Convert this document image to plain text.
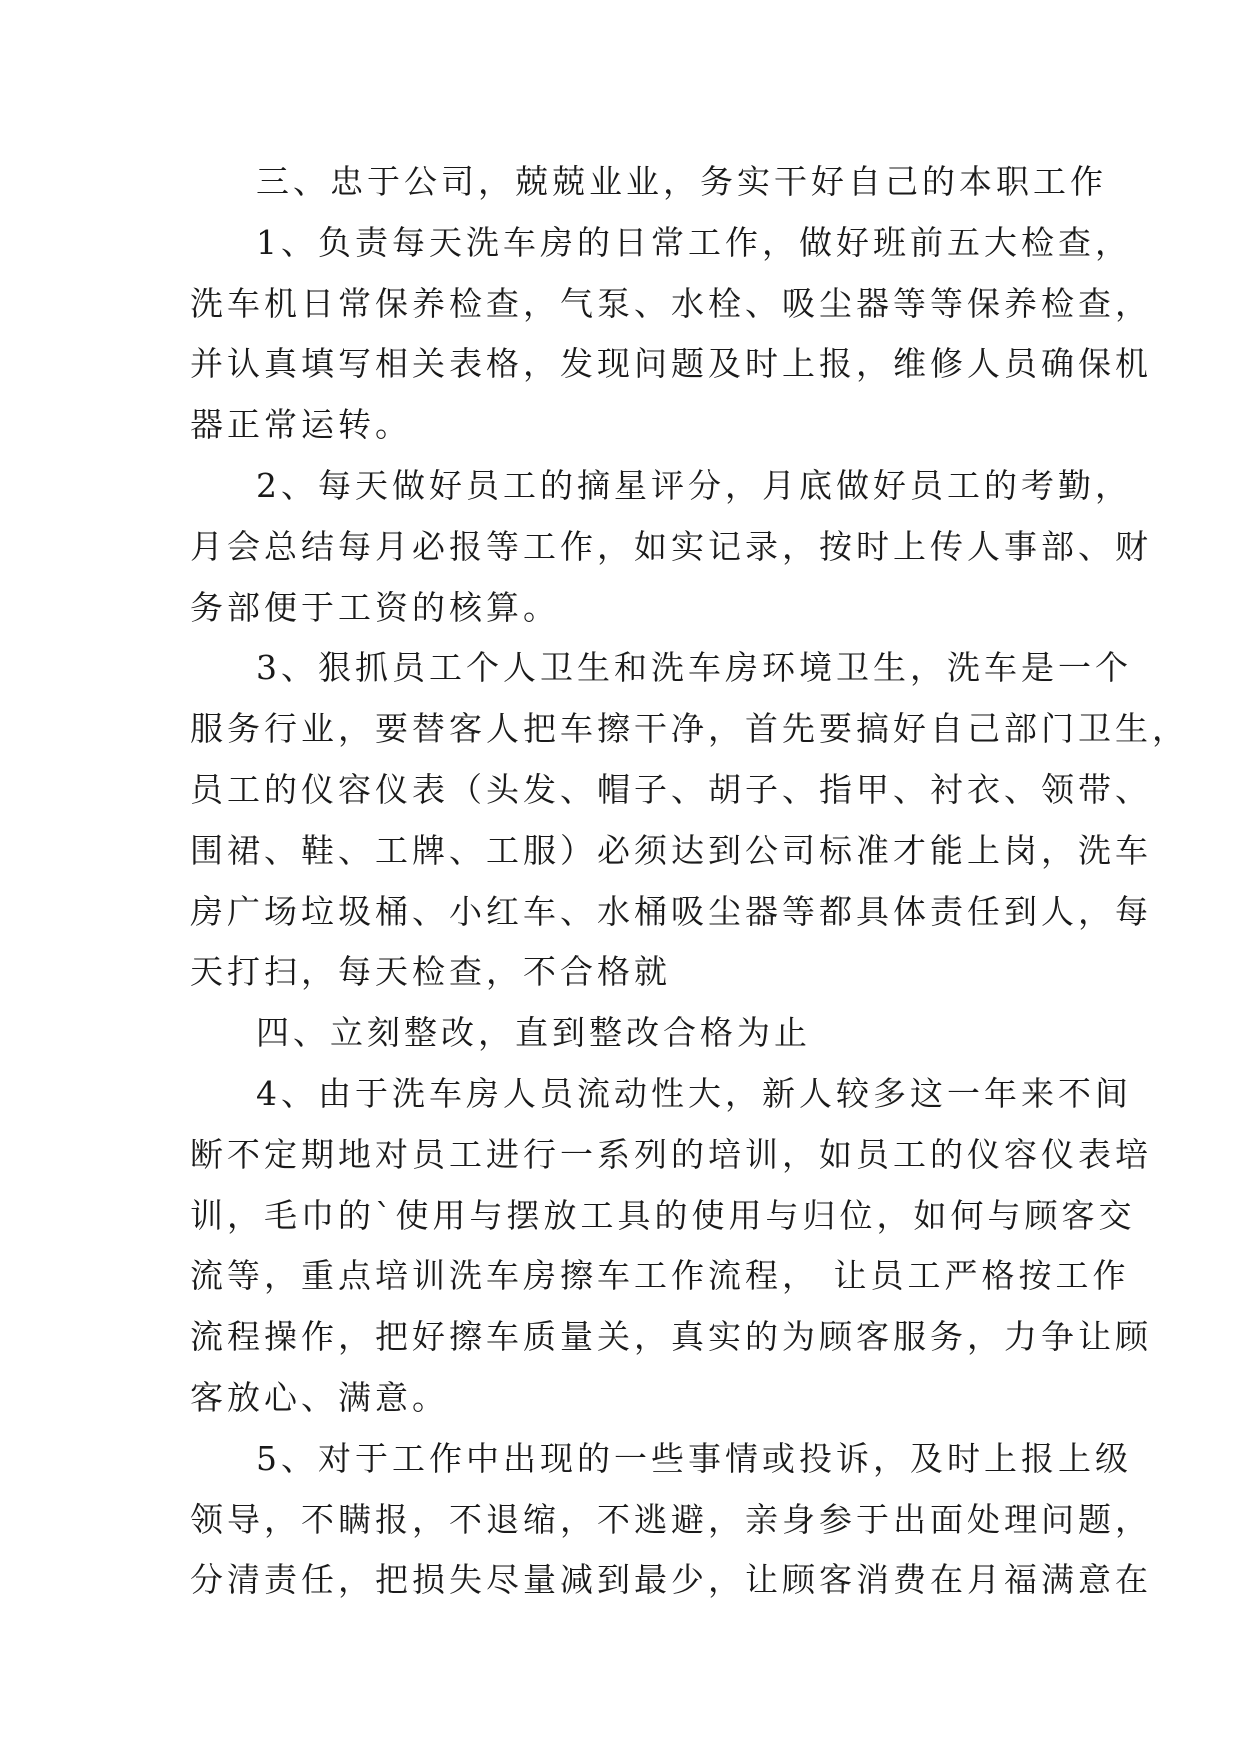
三、忠于公司，兢兢业业，务实干好自己的本职工作
1、负责每天洗车房的日常工作，做好班前五大检查，
洗车机日常保养检查，气泵、水栓、吸尘器等等保养检查，
并认真填写相关表格，发现问题及时上报，维修人员确保机
器正常运转。
2、每天做好员工的摘星评分，月底做好员工的考勤，
月会总结每月必报等工作，如实记录，按时上传人事部、财
务部便于工资的核算。
3、狠抓员工个人卫生和洗车房环境卫生，洗车是一个
服务行业，要替客人把车擦干净，首先要搞好自己部门卫生，
员工的仪容仪表（头发、帽子、胡子、指甲、衬衣、领带、
围裙、鞋、工牌、工服）必须达到公司标准才能上岗，洗车
房广场垃圾桶、小红车、水桶吸尘器等都具体责任到人，每
天打扫，每天检查，不合格就
四、立刻整改，直到整改合格为止
4、由于洗车房人员流动性大，新人较多这一年来不间
断不定期地对员工进行一系列的培训，如员工的仪容仪表培
训，毛巾的`使用与摆放工具的使用与归位，如何与顾客交
流等，重点培训洗车房擦车工作流程， 让员工严格按工作
流程操作，把好擦车质量关，真实的为顾客服务，力争让顾
客放心、满意。
5、对于工作中出现的一些事情或投诉，及时上报上级
领导，不瞒报，不退缩，不逃避，亲身参于出面处理问题，
分清责任，把损失尽量减到最少，让顾客消费在月福满意在
